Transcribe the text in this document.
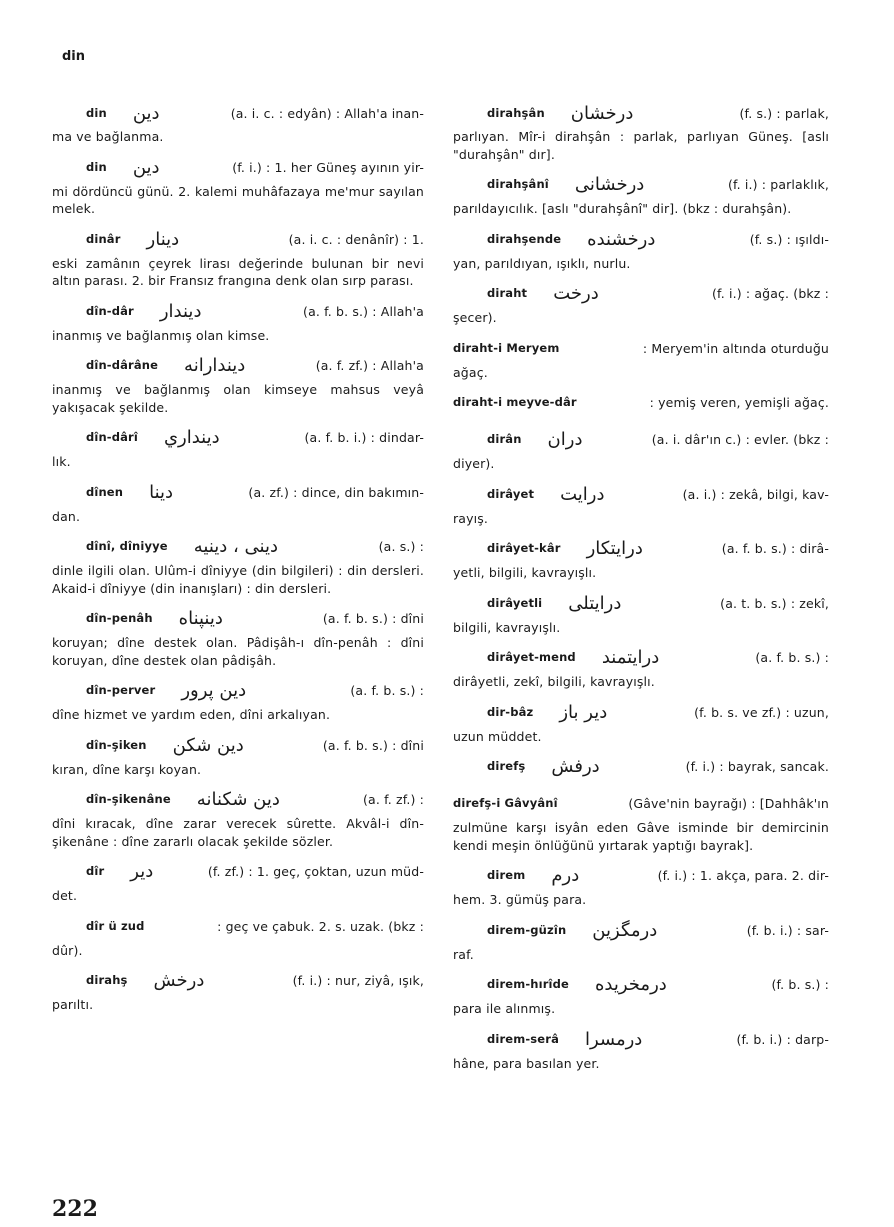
din
din دين	(a. i. c. : edyân) : Allah'a inan-
ma ve bağlanma.
din دين	(f. i.) : 1. her Güneş ayının yir-
mi dördüncü günü. 2. kalemi muhâfazaya me'mur sayılan melek.
dinâr دينار	(a. i. c. : denânîr) : 1.
eski zamânın çeyrek lirası değerinde bulunan bir nevi altın parası. 2. bir Fransız frangına denk olan sırp parası.
dîn-dâr ديندار	(a. f. b. s.) : Allah'a
inanmış ve bağlanmış olan kimse.
dîn-dârâne ديندارانه	(a. f. zf.) : Allah'a
inanmış ve bağlanmış olan kimseye mahsus veyâ yakışacak şekilde.
dîn-dârî دينداري	(a. f. b. i.) : dindar-
lık.
dînen دينا	(a. zf.) : dince, din bakımın-
dan.
dînî, dîniyye دينى ، دينيه	(a. s.) :
dinle ilgili olan. Ulûm-i dîniyye (din bilgileri) : din dersleri. Akaid-i dîniyye (din inanışları) : din dersleri.
dîn-penâh دينپناه	(a. f. b. s.) : dîni
koruyan; dîne destek olan. Pâdişâh-ı dîn-penâh : dîni koruyan, dîne destek olan pâdişâh.
dîn-perver دين پرور	(a. f. b. s.) :
dîne hizmet ve yardım eden, dîni arkalıyan.
dîn-şiken دين شكن	(a. f. b. s.) : dîni
kıran, dîne karşı koyan.
dîn-şikenâne دين شكنانه	(a. f. zf.) :
dîni kıracak, dîne zarar verecek sûrette. Akvâl-i dîn-şikenâne : dîne zararlı olacak şekilde sözler.
dîr دير	(f. zf.) : 1. geç, çoktan, uzun müd-
det.
dîr ü zud	: geç ve çabuk. 2. s. uzak. (bkz :
dûr).
dirahş درخش	(f. i.) : nur, ziyâ, ışık,
parıltı.
dirahşân درخشان	(f. s.) : parlak,
parlıyan. Mîr-i dirahşân : parlak, parlıyan Güneş. [aslı "durahşân" dır].
dirahşânî درخشانى	(f. i.) : parlaklık,
parıldayıcılık. [aslı "durahşânî" dir]. (bkz : durahşân).
dirahşende درخشنده	(f. s.) : ışıldı-
yan, parıldıyan, ışıklı, nurlu.
diraht درخت	(f. i.) : ağaç. (bkz :
şecer).
diraht-i Meryem	: Meryem'in altında oturduğu
ağaç.
diraht-i meyve-dâr	: yemiş veren, yemişli ağaç.
dirân دران	(a. i. dâr'ın c.) : evler. (bkz :
diyer).
dirâyet درايت	(a. i.) : zekâ, bilgi, kav-
rayış.
dirâyet-kâr درايتكار	(a. f. b. s.) : dirâ-
yetli, bilgili, kavrayışlı.
dirâyetli درايتلى	(a. t. b. s.) : zekî,
bilgili, kavrayışlı.
dirâyet-mend درايتمند	(a. f. b. s.) :
dirâyetli, zekî, bilgili, kavrayışlı.
dir-bâz دير باز	(f. b. s. ve zf.) : uzun,
uzun müddet.
direfş درفش	(f. i.) : bayrak, sancak.
direfş-i Gâvyânî	(Gâve'nin bayrağı) : [Dahhâk'ın
zulmüne karşı isyân eden Gâve isminde bir demircinin kendi meşin önlüğünü yırtarak yaptığı bayrak].
direm درم	(f. i.) : 1. akça, para. 2. dir-
hem. 3. gümüş para.
direm-güzîn درمگزين	(f. b. i.) : sar-
raf.
direm-hırîde درمخريده	(f. b. s.) :
para ile alınmış.
direm-serâ درمسرا	(f. b. i.) : darp-
hâne, para basılan yer.
222
